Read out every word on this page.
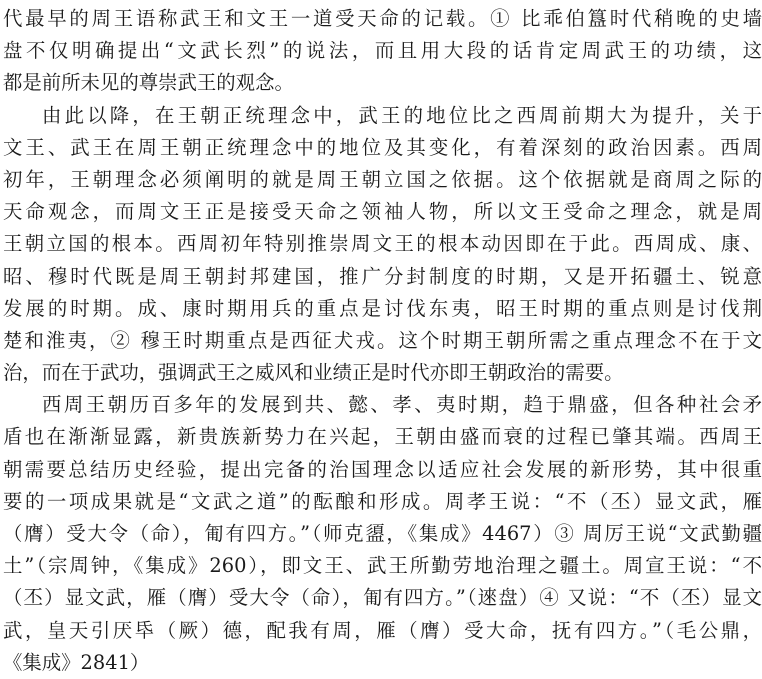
代最早的周王语称武王和文王一道受天命的记载。① 比乖伯簋时代稍晚的史墙
盘不仅明确提出“文武长烈”的说法，而且用大段的话肯定周武王的功绩，这
都是前所未见的尊崇武王的观念。
由此以降，在王朝正统理念中，武王的地位比之西周前期大为提升，关于
文王、武王在周王朝正统理念中的地位及其变化，有着深刻的政治因素。西周
初年，王朝理念必须阐明的就是周王朝立国之依据。这个依据就是商周之际的
天命观念，而周文王正是接受天命之领袖人物，所以文王受命之理念，就是周
王朝立国的根本。西周初年特别推崇周文王的根本动因即在于此。西周成、康、
昭、穆时代既是周王朝封邦建国，推广分封制度的时期，又是开拓疆土、锐意
发展的时期。成、康时期用兵的重点是讨伐东夷，昭王时期的重点则是讨伐荆
楚和淮夷，② 穆王时期重点是西征犬戎。这个时期王朝所需之重点理念不在于文
治，而在于武功，强调武王之威风和业绩正是时代亦即王朝政治的需要。
西周王朝历百多年的发展到共、懿、孝、夷时期，趋于鼎盛，但各种社会矛
盾也在渐渐显露，新贵族新势力在兴起，王朝由盛而衰的过程已肇其端。西周王
朝需要总结历史经验，提出完备的治国理念以适应社会发展的新形势，其中很重
要的一项成果就是“文武之道”的酝酿和形成。周孝王说：“不（丕）显文武，雁
（膺）受大令（命），匍有四方。”（师克盨，《集成》4467）③ 周厉王说“文武勤疆
土”（宗周钟，《集成》260），即文王、武王所勤劳地治理之疆土。周宣王说：“不
（丕）显文武，雁（膺）受大令（命），匍有四方。”（逨盘）④ 又说：“不（丕）显文
武，皇天引厌氒（厥）德，配我有周，雁（膺）受大命，抚有四方。”（毛公鼎，
《集成》2841）
